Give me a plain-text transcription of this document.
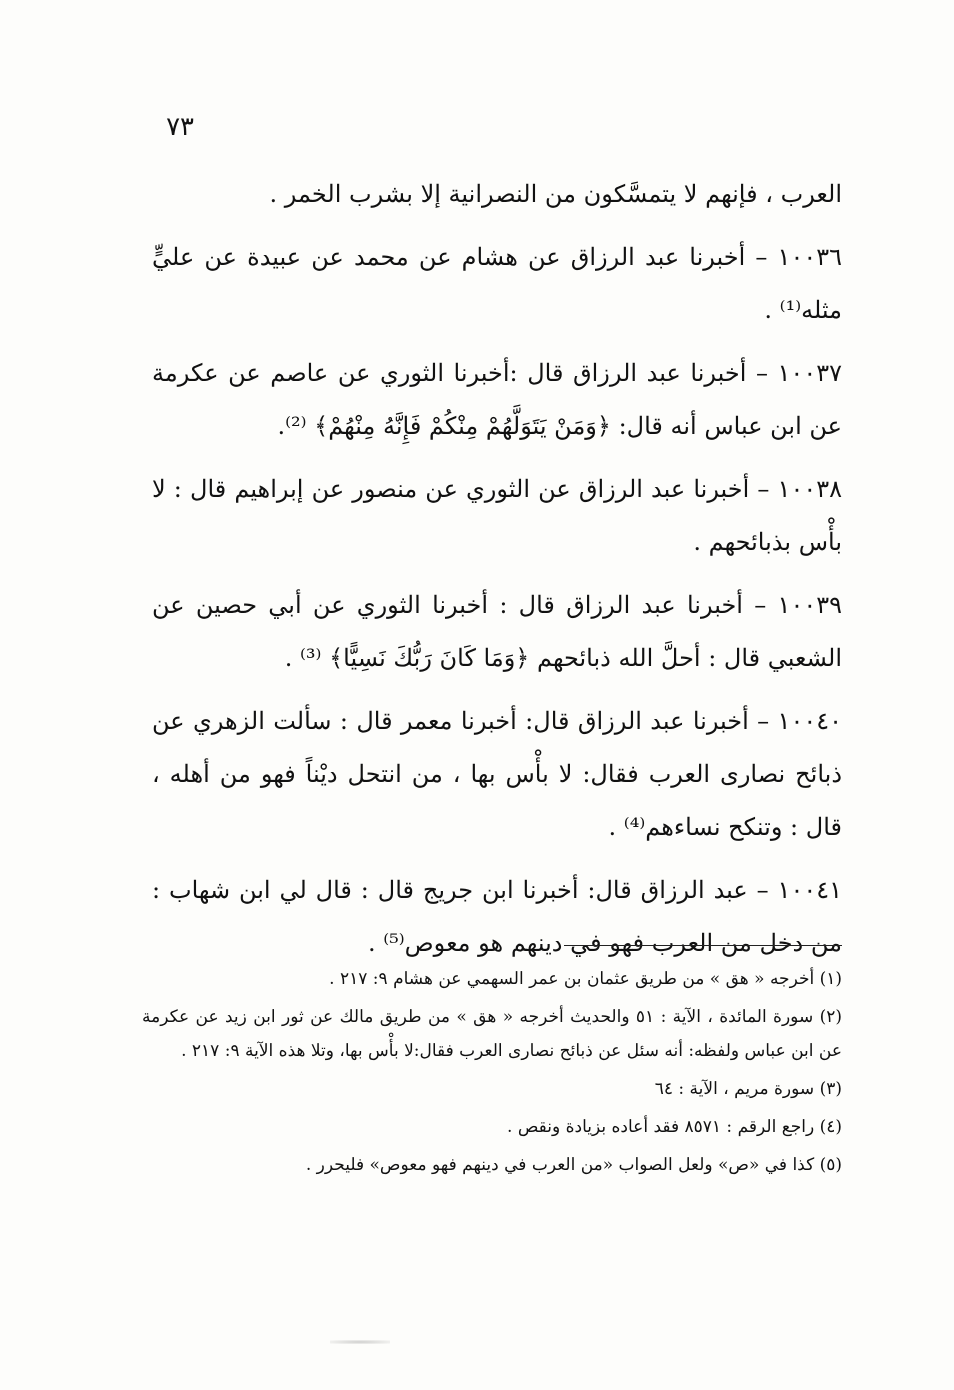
٧٣

العرب ، فإنهم لا يتمسَّكون من النصرانية إلا بشرب الخمر .

١٠٠٣٦ – أخبرنا عبد الرزاق عن هشام عن محمد عن عبيدة عن عليٍّ مثله⁽¹⁾ .

١٠٠٣٧ – أخبرنا عبد الرزاق قال :أخبرنا الثوري عن عاصم عن عكرمة عن ابن عباس أنه قال: ﴿وَمَنْ يَتَوَلَّهُمْ مِنْكُمْ فَإِنَّهُ مِنْهُمْ﴾ ⁽²⁾.

١٠٠٣٨ – أخبرنا عبد الرزاق عن الثوري عن منصور عن إبراهيم قال : لا بأْس بذبائحهم .

١٠٠٣٩ – أخبرنا عبد الرزاق قال : أخبرنا الثوري عن أبي حصين عن الشعبي قال : أحلَّ الله ذبائحهم ﴿وَمَا كَانَ رَبُّكَ نَسِيًّا﴾ ⁽³⁾ .

١٠٠٤٠ – أخبرنا عبد الرزاق قال: أخبرنا معمر قال : سألت الزهري عن ذبائح نصارى العرب فقال: لا بأْس بها ، من انتحل ديْناً فهو من أهله ، قال : وتنكح نساءهم⁽⁴⁾ .

١٠٠٤١ – عبد الرزاق قال: أخبرنا ابن جريج قال : قال لي ابن شهاب : من دخل من العرب فهو في دينهم هو معوص⁽⁵⁾ .

(١) أخرجه « هق » من طريق عثمان بن عمر السهمي عن هشام ٩: ٢١٧ .

(٢) سورة المائدة ، الآية : ٥١ والحديث أخرجه « هق » من طريق مالك عن ثور ابن زيد عن عكرمة عن ابن عباس ولفظه: أنه سئل عن ذبائح نصارى العرب فقال:لا بأْس بها، وتلا هذه الآية ٩: ٢١٧ .

(٣) سورة مريم ، الآية : ٦٤

(٤) راجع الرقم : ٨٥٧١ فقد أعاده بزيادة ونقص .

(٥) كذا في «ص» ولعل الصواب «من العرب في دينهم فهو معوص» فليحرر .
